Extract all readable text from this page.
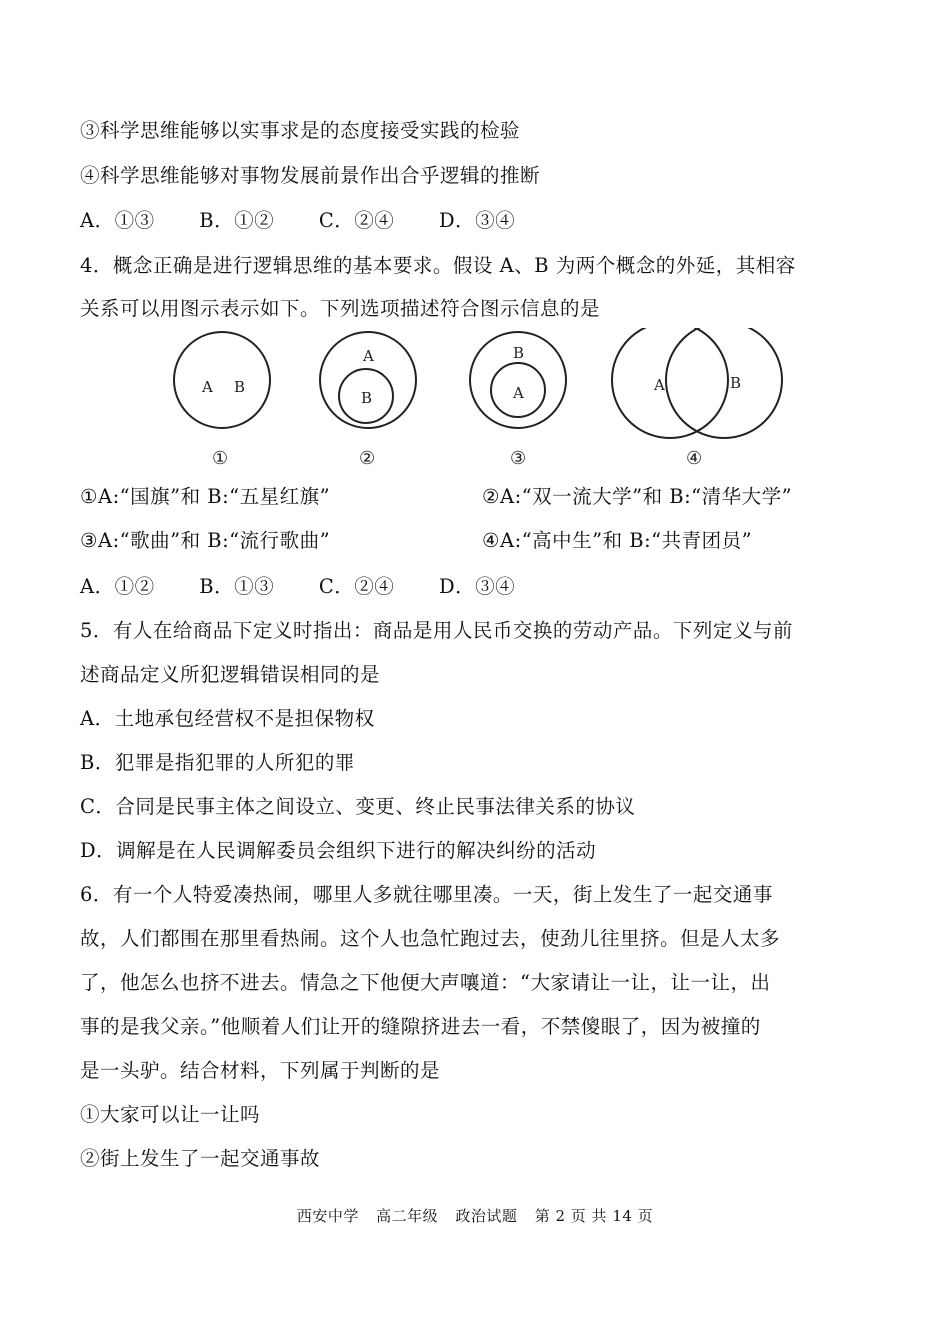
③科学思维能够以实事求是的态度接受实践的检验
④科学思维能够对事物发展前景作出合乎逻辑的推断
A．①③ B．①② C．②④ D．③④
4．概念正确是进行逻辑思维的基本要求。假设 A、B 为两个概念的外延，其相容
关系可以用图示表示如下。下列选项描述符合图示信息的是
A B
①
A
B
②
B
A
③
A	B
④
①A:“国旗”和 B:“五星红旗”	②A:“双一流大学”和 B:“清华大学”
③A:“歌曲”和 B:“流行歌曲”	④A:“高中生”和 B:“共青团员”
A．①② B．①③ C．②④ D．③④
5．有人在给商品下定义时指出：商品是用人民币交换的劳动产品。下列定义与前
述商品定义所犯逻辑错误相同的是
A．土地承包经营权不是担保物权
B．犯罪是指犯罪的人所犯的罪
C．合同是民事主体之间设立、变更、终止民事法律关系的协议
D．调解是在人民调解委员会组织下进行的解决纠纷的活动
6．有一个人特爱凑热闹，哪里人多就往哪里凑。一天，街上发生了一起交通事
故，人们都围在那里看热闹。这个人也急忙跑过去，使劲儿往里挤。但是人太多
了，他怎么也挤不进去。情急之下他便大声嚷道：“大家请让一让，让一让，出
事的是我父亲。”他顺着人们让开的缝隙挤进去一看，不禁傻眼了，因为被撞的
是一头驴。结合材料，下列属于判断的是
①大家可以让一让吗
②街上发生了一起交通事故
西安中学 高二年级 政治试题 第 2 页 共 14 页
